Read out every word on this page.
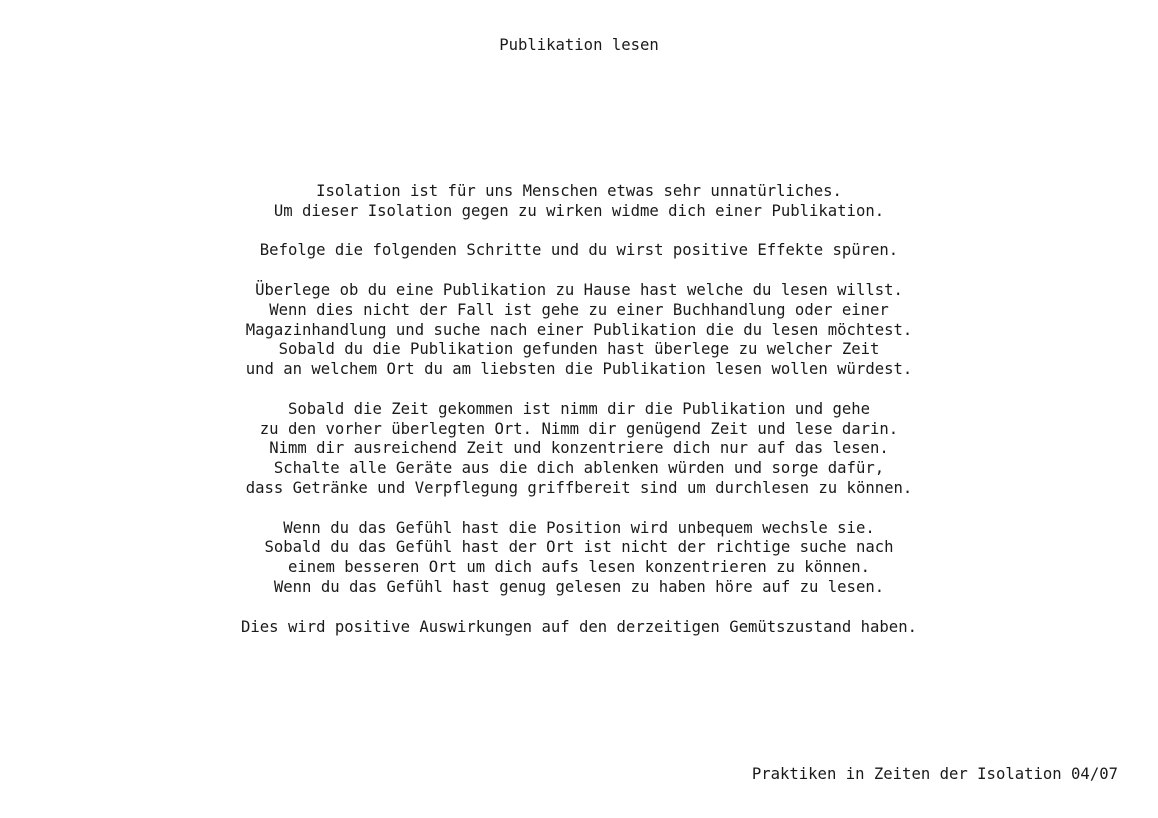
Publikation lesen
Isolation ist für uns Menschen etwas sehr unnatürliches.
Um dieser Isolation gegen zu wirken widme dich einer Publikation.
Befolge die folgenden Schritte und du wirst positive Effekte spüren.
Überlege ob du eine Publikation zu Hause hast welche du lesen willst.
Wenn dies nicht der Fall ist gehe zu einer Buchhandlung oder einer
Magazinhandlung und suche nach einer Publikation die du lesen möchtest.
Sobald du die Publikation gefunden hast überlege zu welcher Zeit
und an welchem Ort du am liebsten die Publikation lesen wollen würdest.
Sobald die Zeit gekommen ist nimm dir die Publikation und gehe
zu den vorher überlegten Ort. Nimm dir genügend Zeit und lese darin.
Nimm dir ausreichend Zeit und konzentriere dich nur auf das lesen.
Schalte alle Geräte aus die dich ablenken würden und sorge dafür,
dass Getränke und Verpflegung griffbereit sind um durchlesen zu können.
Wenn du das Gefühl hast die Position wird unbequem wechsle sie.
Sobald du das Gefühl hast der Ort ist nicht der richtige suche nach
einem besseren Ort um dich aufs lesen konzentrieren zu können.
Wenn du das Gefühl hast genug gelesen zu haben höre auf zu lesen.
Dies wird positive Auswirkungen auf den derzeitigen Gemütszustand haben.
Praktiken in Zeiten der Isolation 04/07
